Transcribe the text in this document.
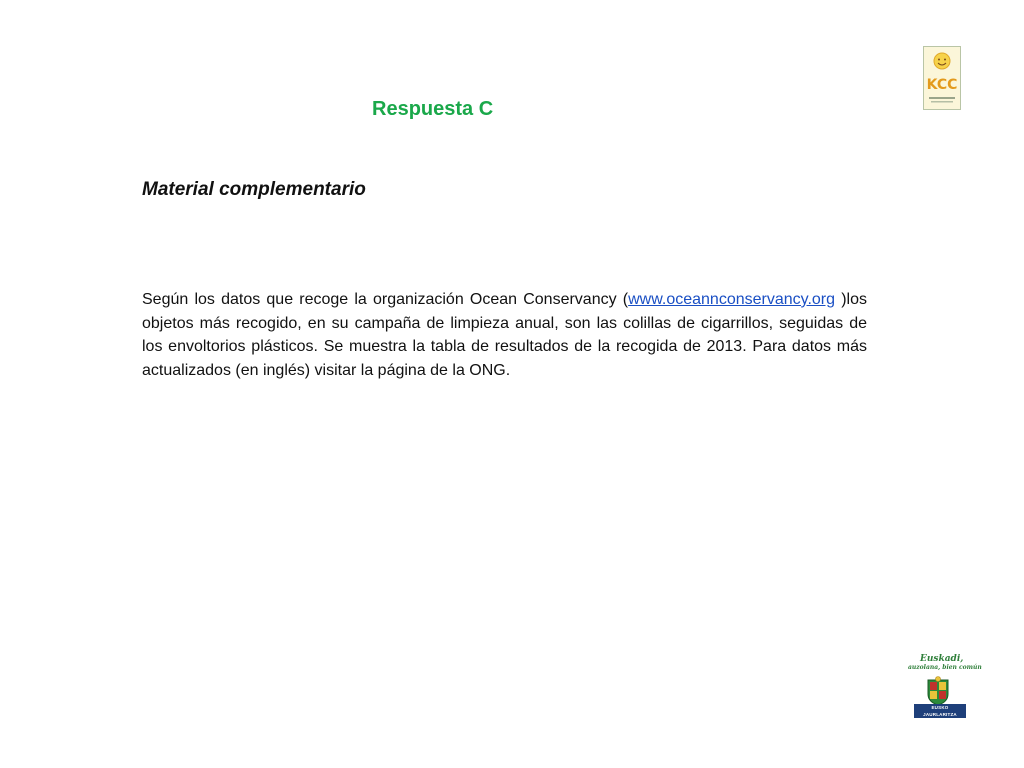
Respuesta C
Material complementario

Según los datos que recoge la organización Ocean Conservancy (www.oceannconservancy.org )los objetos más recogido, en su campaña de limpieza anual, son las colillas de cigarrillos, seguidas de los envoltorios plásticos. Se muestra la tabla de resultados de la recogida de 2013. Para datos más actualizados (en inglés) visitar la página de la ONG.

KCC
Euskadi,
auzolana, bien común
EUSKO JAURLARITZA
GOBIERNO VASCO
